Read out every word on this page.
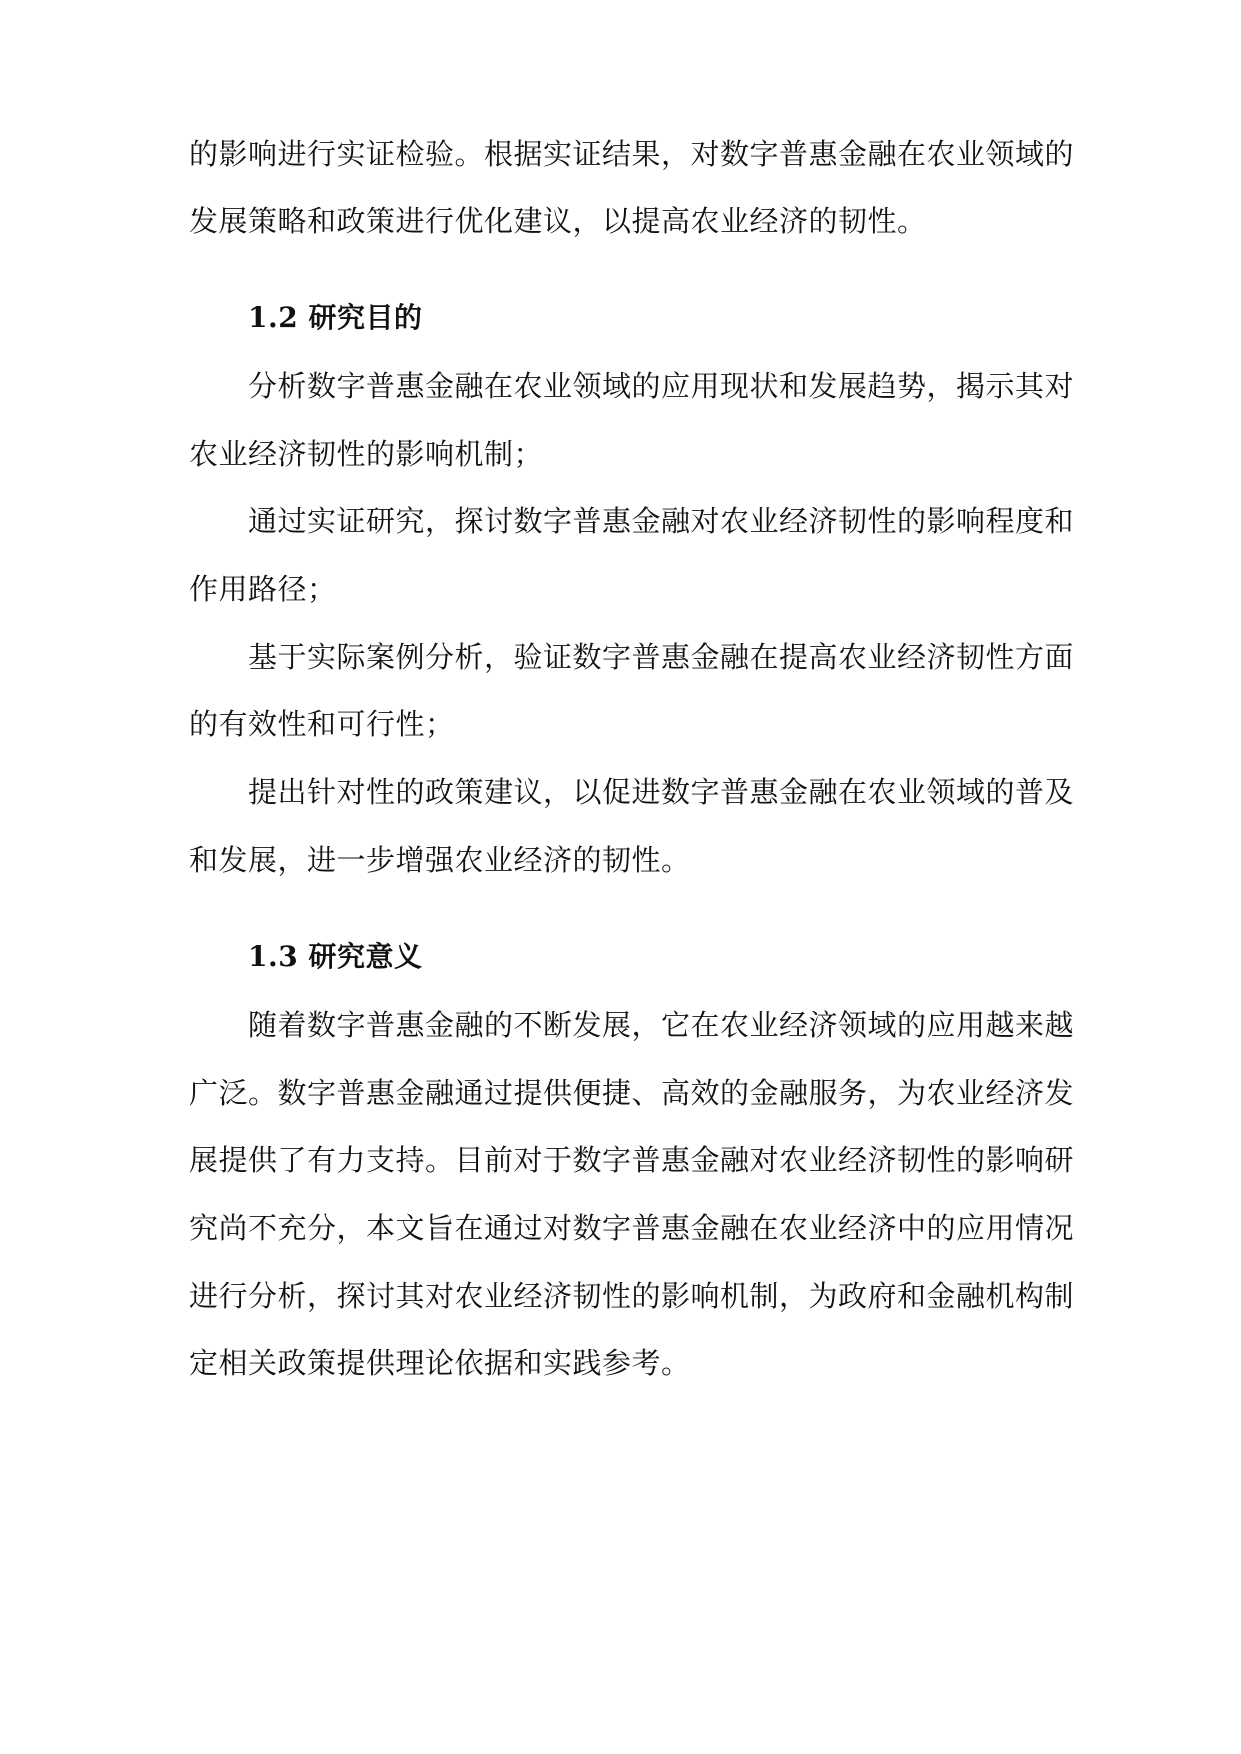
的影响进行实证检验。根据实证结果，对数字普惠金融在农业领域的
发展策略和政策进行优化建议，以提高农业经济的韧性。
1.2 研究目的
分析数字普惠金融在农业领域的应用现状和发展趋势，揭示其对
农业经济韧性的影响机制；
通过实证研究，探讨数字普惠金融对农业经济韧性的影响程度和
作用路径；
基于实际案例分析，验证数字普惠金融在提高农业经济韧性方面
的有效性和可行性；
提出针对性的政策建议，以促进数字普惠金融在农业领域的普及
和发展，进一步增强农业经济的韧性。
1.3 研究意义
随着数字普惠金融的不断发展，它在农业经济领域的应用越来越
广泛。数字普惠金融通过提供便捷、高效的金融服务，为农业经济发
展提供了有力支持。目前对于数字普惠金融对农业经济韧性的影响研
究尚不充分，本文旨在通过对数字普惠金融在农业经济中的应用情况
进行分析，探讨其对农业经济韧性的影响机制，为政府和金融机构制
定相关政策提供理论依据和实践参考。
